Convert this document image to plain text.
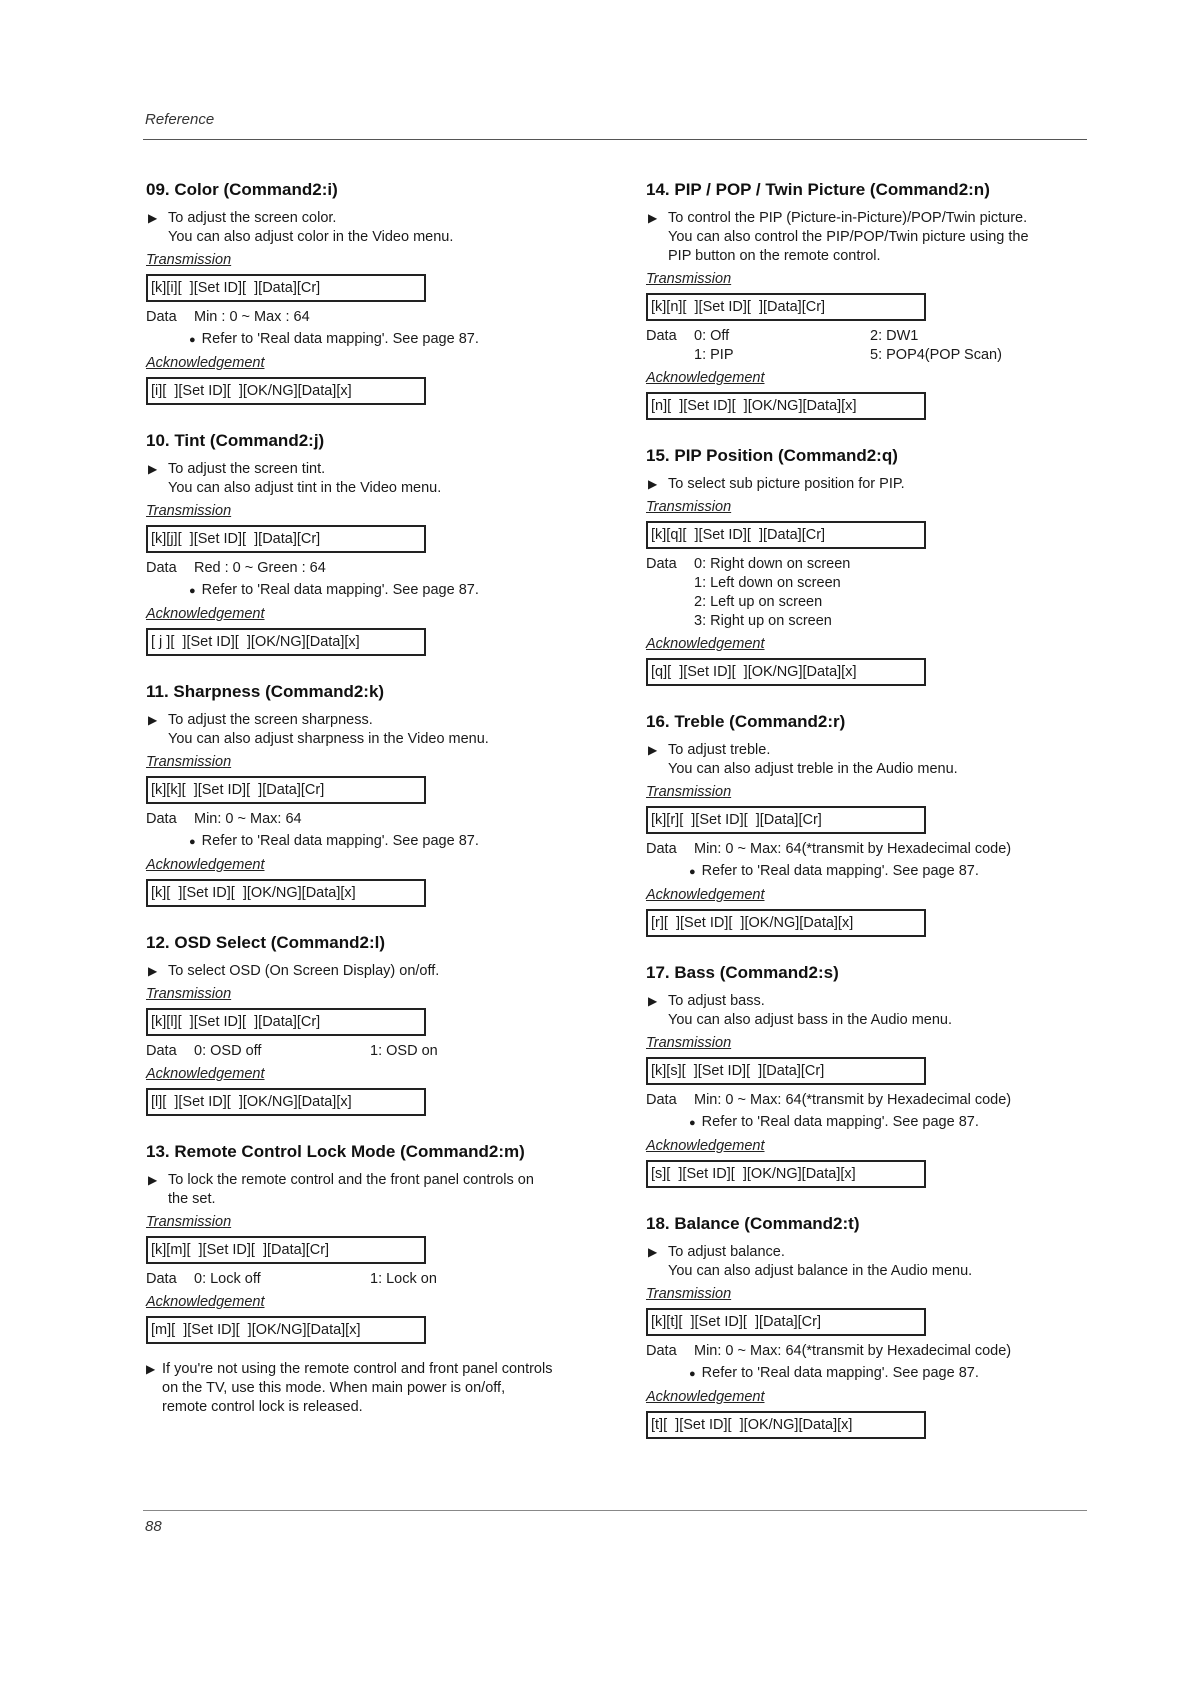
Reference
09. Color (Command2:i)
▶ To adjust the screen color.
You can also adjust color in the Video menu.
Transmission
[k][i][  ][Set ID][  ][Data][Cr]
Data	Min : 0 ~ Max : 64
● Refer to 'Real data mapping'. See page 87.
Acknowledgement
[i][  ][Set ID][  ][OK/NG][Data][x]
10. Tint (Command2:j)
▶ To adjust the screen tint.
You can also adjust tint in the Video menu.
Transmission
[k][j][  ][Set ID][  ][Data][Cr]
Data	Red : 0 ~ Green : 64
● Refer to 'Real data mapping'. See page 87.
Acknowledgement
[ j ][  ][Set ID][  ][OK/NG][Data][x]
11. Sharpness (Command2:k)
▶ To adjust the screen sharpness.
You can also adjust sharpness in the Video menu.
Transmission
[k][k][  ][Set ID][  ][Data][Cr]
Data	Min: 0 ~ Max: 64
● Refer to 'Real data mapping'. See page 87.
Acknowledgement
[k][  ][Set ID][  ][OK/NG][Data][x]
12. OSD Select (Command2:l)
▶ To select OSD (On Screen Display) on/off.
Transmission
[k][l][  ][Set ID][  ][Data][Cr]
Data	0: OSD off	1: OSD on
Acknowledgement
[l][  ][Set ID][  ][OK/NG][Data][x]
13. Remote Control Lock Mode (Command2:m)
▶ To lock the remote control and the front panel controls on
the set.
Transmission
[k][m][  ][Set ID][  ][Data][Cr]
Data	0: Lock off	1: Lock on
Acknowledgement
[m][  ][Set ID][  ][OK/NG][Data][x]
▶ If you're not using the remote control and front panel controls
on the TV, use this mode. When main power is on/off,
remote control lock is released.
14. PIP / POP / Twin Picture (Command2:n)
▶ To control the PIP (Picture-in-Picture)/POP/Twin picture.
You can also control the PIP/POP/Twin picture using the
PIP button on the remote control.
Transmission
[k][n][  ][Set ID][  ][Data][Cr]
Data	0: Off	2: DW1
1: PIP	5: POP4(POP Scan)
Acknowledgement
[n][  ][Set ID][  ][OK/NG][Data][x]
15. PIP Position (Command2:q)
▶ To select sub picture position for PIP.
Transmission
[k][q][  ][Set ID][  ][Data][Cr]
Data	0: Right down on screen
1: Left down on screen
2: Left up on screen
3: Right up on screen
Acknowledgement
[q][  ][Set ID][  ][OK/NG][Data][x]
16. Treble (Command2:r)
▶ To adjust treble.
You can also adjust treble in the Audio menu.
Transmission
[k][r][  ][Set ID][  ][Data][Cr]
Data	Min: 0 ~ Max: 64(*transmit by Hexadecimal code)
● Refer to 'Real data mapping'. See page 87.
Acknowledgement
[r][  ][Set ID][  ][OK/NG][Data][x]
17. Bass (Command2:s)
▶ To adjust bass.
You can also adjust bass in the Audio menu.
Transmission
[k][s][  ][Set ID][  ][Data][Cr]
Data	Min: 0 ~ Max: 64(*transmit by Hexadecimal code)
● Refer to 'Real data mapping'. See page 87.
Acknowledgement
[s][  ][Set ID][  ][OK/NG][Data][x]
18. Balance (Command2:t)
▶ To adjust balance.
You can also adjust balance in the Audio menu.
Transmission
[k][t][  ][Set ID][  ][Data][Cr]
Data	Min: 0 ~ Max: 64(*transmit by Hexadecimal code)
● Refer to 'Real data mapping'. See page 87.
Acknowledgement
[t][  ][Set ID][  ][OK/NG][Data][x]
88
